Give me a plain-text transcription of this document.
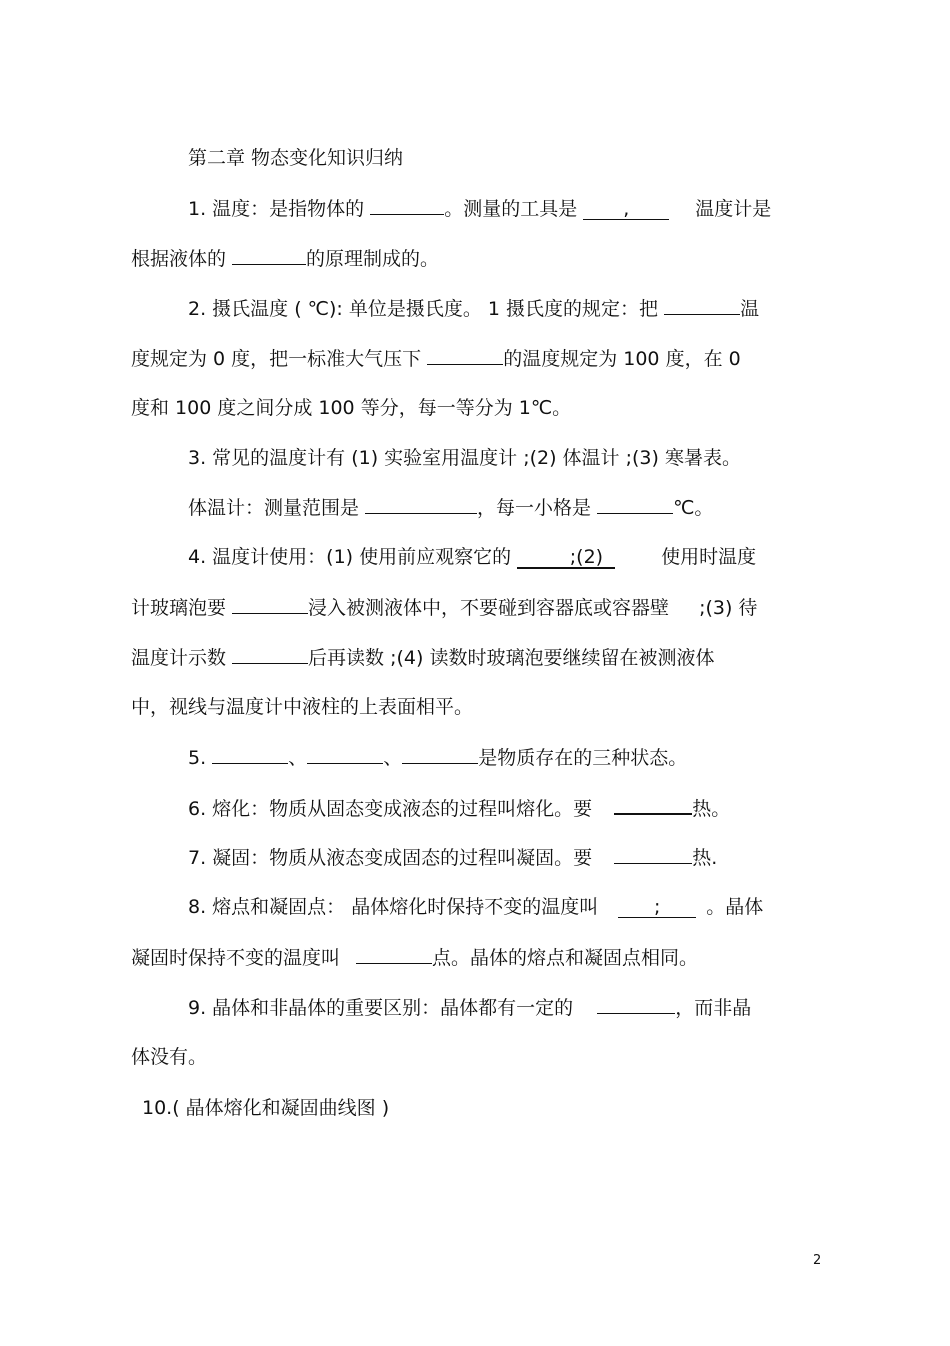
第二章 物态变化知识归纳
1. 温度：是指物体的	。测量的工具是 ,	温度计是
根据液体的	的原理制成的。
2. 摄氏温度 ( ℃): 单位是摄氏度。 1 摄氏度的规定：把	温
度规定为 0 度，把一标准大气压下	的温度规定为 100 度，在 0
度和 100 度之间分成 100 等分，每一等分为 1℃。
3. 常见的温度计有 (1) 实验室用温度计 ;(2) 体温计 ;(3) 寒暑表。
体温计：测量范围是	，每一小格是	℃。
4. 温度计使用：(1) 使用前应观察它的	;(2)	使用时温度
计玻璃泡要	浸入被测液体中，不要碰到容器底或容器壁 ;(3) 待
温度计示数	后再读数 ;(4) 读数时玻璃泡要继续留在被测液体
中，视线与温度计中液柱的上表面相平。
5.	、	、	是物质存在的三种状态。
6. 熔化：物质从固态变成液态的过程叫熔化。要	热。
7. 凝固：物质从液态变成固态的过程叫凝固。要	热.
8. 熔点和凝固点： 晶体熔化时保持不变的温度叫	; 。晶体
凝固时保持不变的温度叫	点。晶体的熔点和凝固点相同。
9. 晶体和非晶体的重要区别：晶体都有一定的	，而非晶
体没有。
10.( 晶体熔化和凝固曲线图 )
2
